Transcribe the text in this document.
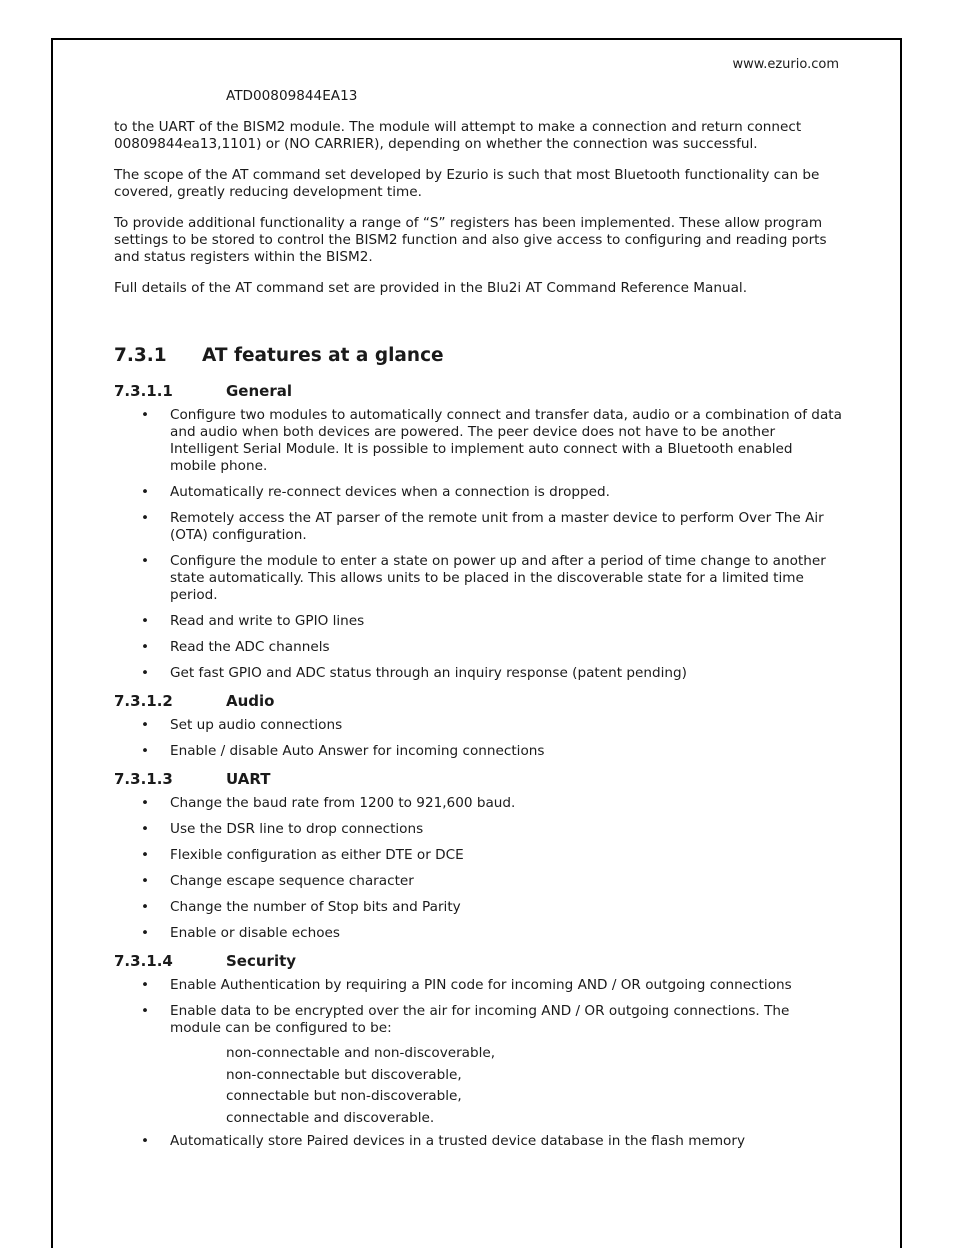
www.ezurio.com
ATD00809844EA13

to the UART of the BISM2 module. The module will attempt to make a connection and return connect 00809844ea13,1101) or (NO CARRIER), depending on whether the connection was successful.

The scope of the AT command set developed by Ezurio is such that most Bluetooth functionality can be covered, greatly reducing development time.

To provide additional functionality a range of “S” registers has been implemented. These allow program settings to be stored to control the BISM2 function and also give access to configuring and reading ports and status registers within the BISM2.

Full details of the AT command set are provided in the Blu2i AT Command Reference Manual.

7.3.1	AT features at a glance
7.3.1.1	General
• Configure two modules to automatically connect and transfer data, audio or a combination of data and audio when both devices are powered. The peer device does not have to be another Intelligent Serial Module. It is possible to implement auto connect with a Bluetooth enabled mobile phone.
• Automatically re-connect devices when a connection is dropped.
• Remotely access the AT parser of the remote unit from a master device to perform Over The Air (OTA) configuration.
• Configure the module to enter a state on power up and after a period of time change to another state automatically. This allows units to be placed in the discoverable state for a limited time period.
• Read and write to GPIO lines
• Read the ADC channels
• Get fast GPIO and ADC status through an inquiry response (patent pending)
7.3.1.2	Audio
• Set up audio connections
• Enable / disable Auto Answer for incoming connections
7.3.1.3	UART
• Change the baud rate from 1200 to 921,600 baud.
• Use the DSR line to drop connections
• Flexible configuration as either DTE or DCE
• Change escape sequence character
• Change the number of Stop bits and Parity
• Enable or disable echoes
7.3.1.4	Security
• Enable Authentication by requiring a PIN code for incoming AND / OR outgoing connections
• Enable data to be encrypted over the air for incoming AND / OR outgoing connections. The module can be configured to be:
non-connectable and non-discoverable,
non-connectable but discoverable,
connectable but non-discoverable,
connectable and discoverable.
• Automatically store Paired devices in a trusted device database in the flash memory
